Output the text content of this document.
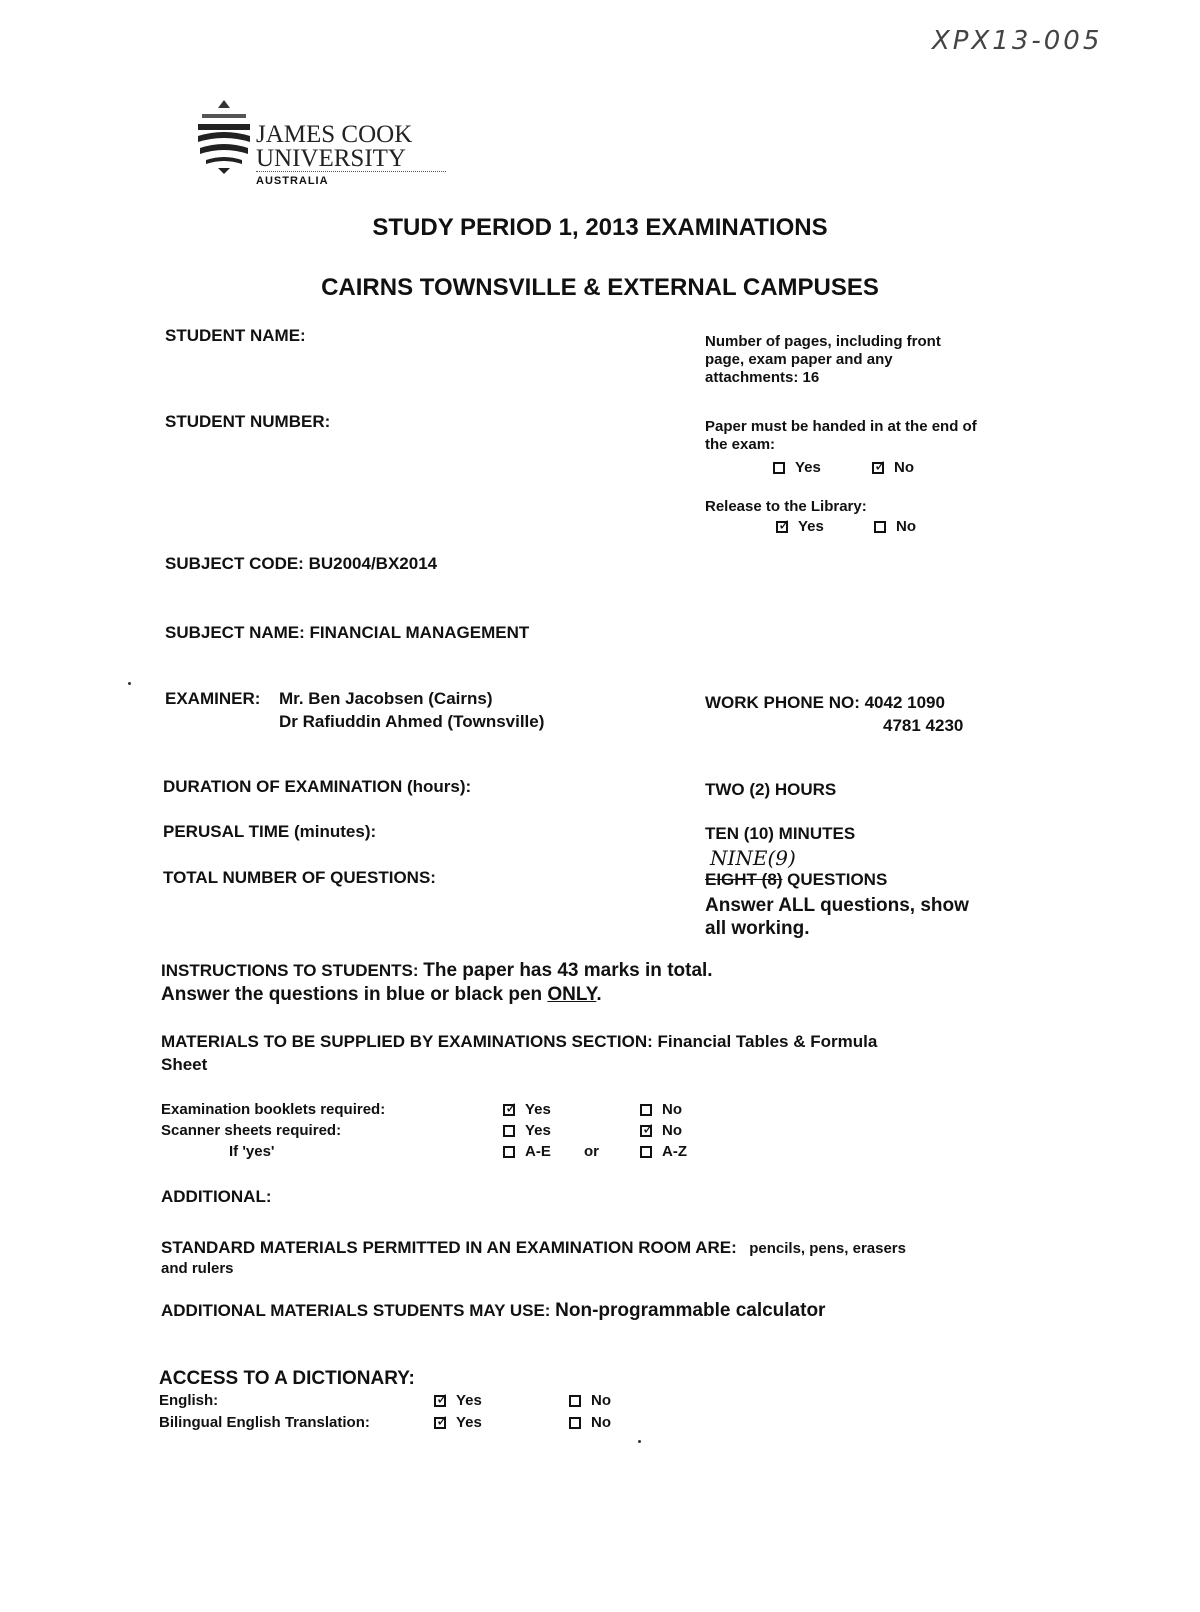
XPX13-005
JAMES COOK
UNIVERSITY
AUSTRALIA
STUDY PERIOD 1, 2013 EXAMINATIONS
CAIRNS TOWNSVILLE & EXTERNAL CAMPUSES
STUDENT NAME:
STUDENT NUMBER:
Number of pages, including front
page, exam paper and any
attachments: 16
Paper must be handed in at the end of
the exam:
Yes ✓	No
Release to the Library:
✓Yes	No
SUBJECT CODE: BU2004/BX2014
SUBJECT NAME: FINANCIAL MANAGEMENT
EXAMINER: Mr. Ben Jacobsen (Cairns)
Dr Rafiuddin Ahmed (Townsville)
WORK PHONE NO: 4042 1090
4781 4230
DURATION OF EXAMINATION (hours):	TWO (2) HOURS
PERUSAL TIME (minutes):	TEN (10) MINUTES
NINE(9)
TOTAL NUMBER OF QUESTIONS:	EIGHT (8) QUESTIONS
Answer ALL questions, show
all working.
INSTRUCTIONS TO STUDENTS: The paper has 43 marks in total.
Answer the questions in blue or black pen ONLY.
MATERIALS TO BE SUPPLIED BY EXAMINATIONS SECTION: Financial Tables & Formula
Sheet
Examination booklets required: ✓	Yes	No
Scanner sheets required:	Yes ✓	No
If 'yes'	A-E or	A-Z
ADDITIONAL:
STANDARD MATERIALS PERMITTED IN AN EXAMINATION ROOM ARE: pencils, pens, erasers
and rulers
ADDITIONAL MATERIALS STUDENTS MAY USE: Non-programmable calculator
ACCESS TO A DICTIONARY:
English: ✓	Yes	No
Bilingual English Translation: ✓	Yes	No
